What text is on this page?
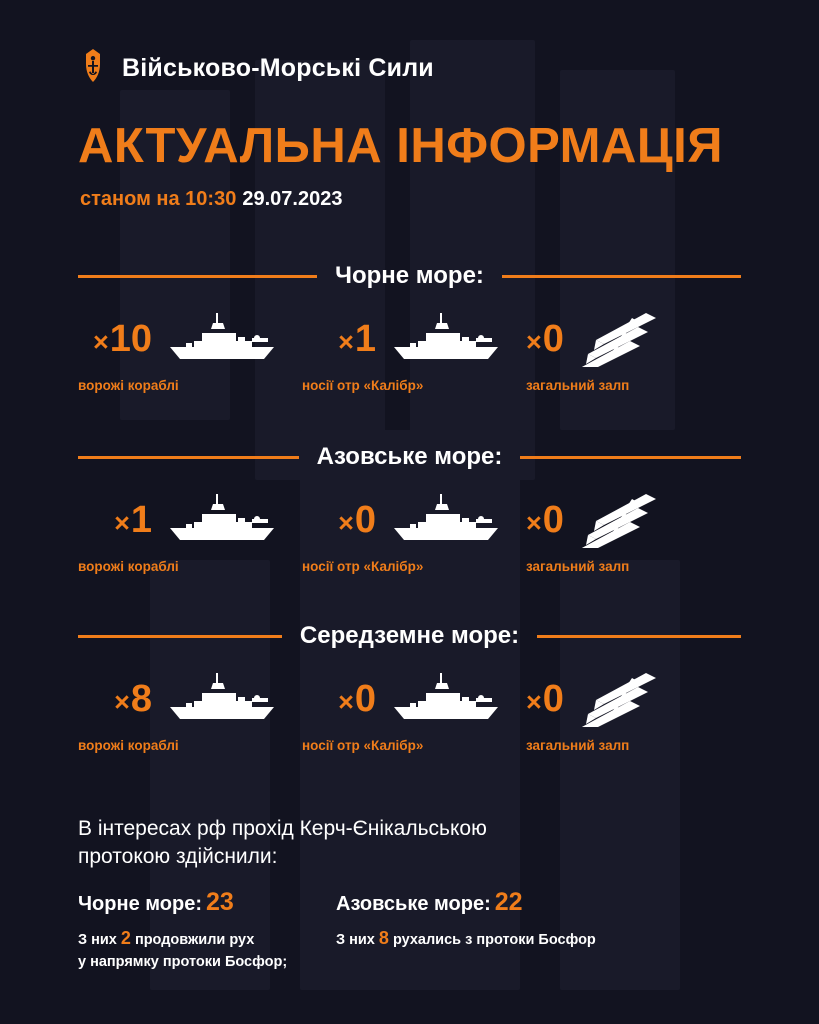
Військово-Морські Сили
АКТУАЛЬНА ІНФОРМАЦІЯ
станом на 10:30 29.07.2023
Чорне море:
×10
ворожі кораблі
×1
носії отр «Калібр»
×0
загальний залп
Азовське море:
×1
ворожі кораблі
×0
носії отр «Калібр»
×0
загальний залп
Середземне море:
×8
ворожі кораблі
×0
носії отр «Калібр»
×0
загальний залп
В інтересах рф прохід Керч-Єнікальською
протокою здійснили:
Чорне море: 23
З них 2 продовжили рух
у напрямку протоки Босфор;
Азовське море: 22
З них 8 рухались з протоки Босфор
